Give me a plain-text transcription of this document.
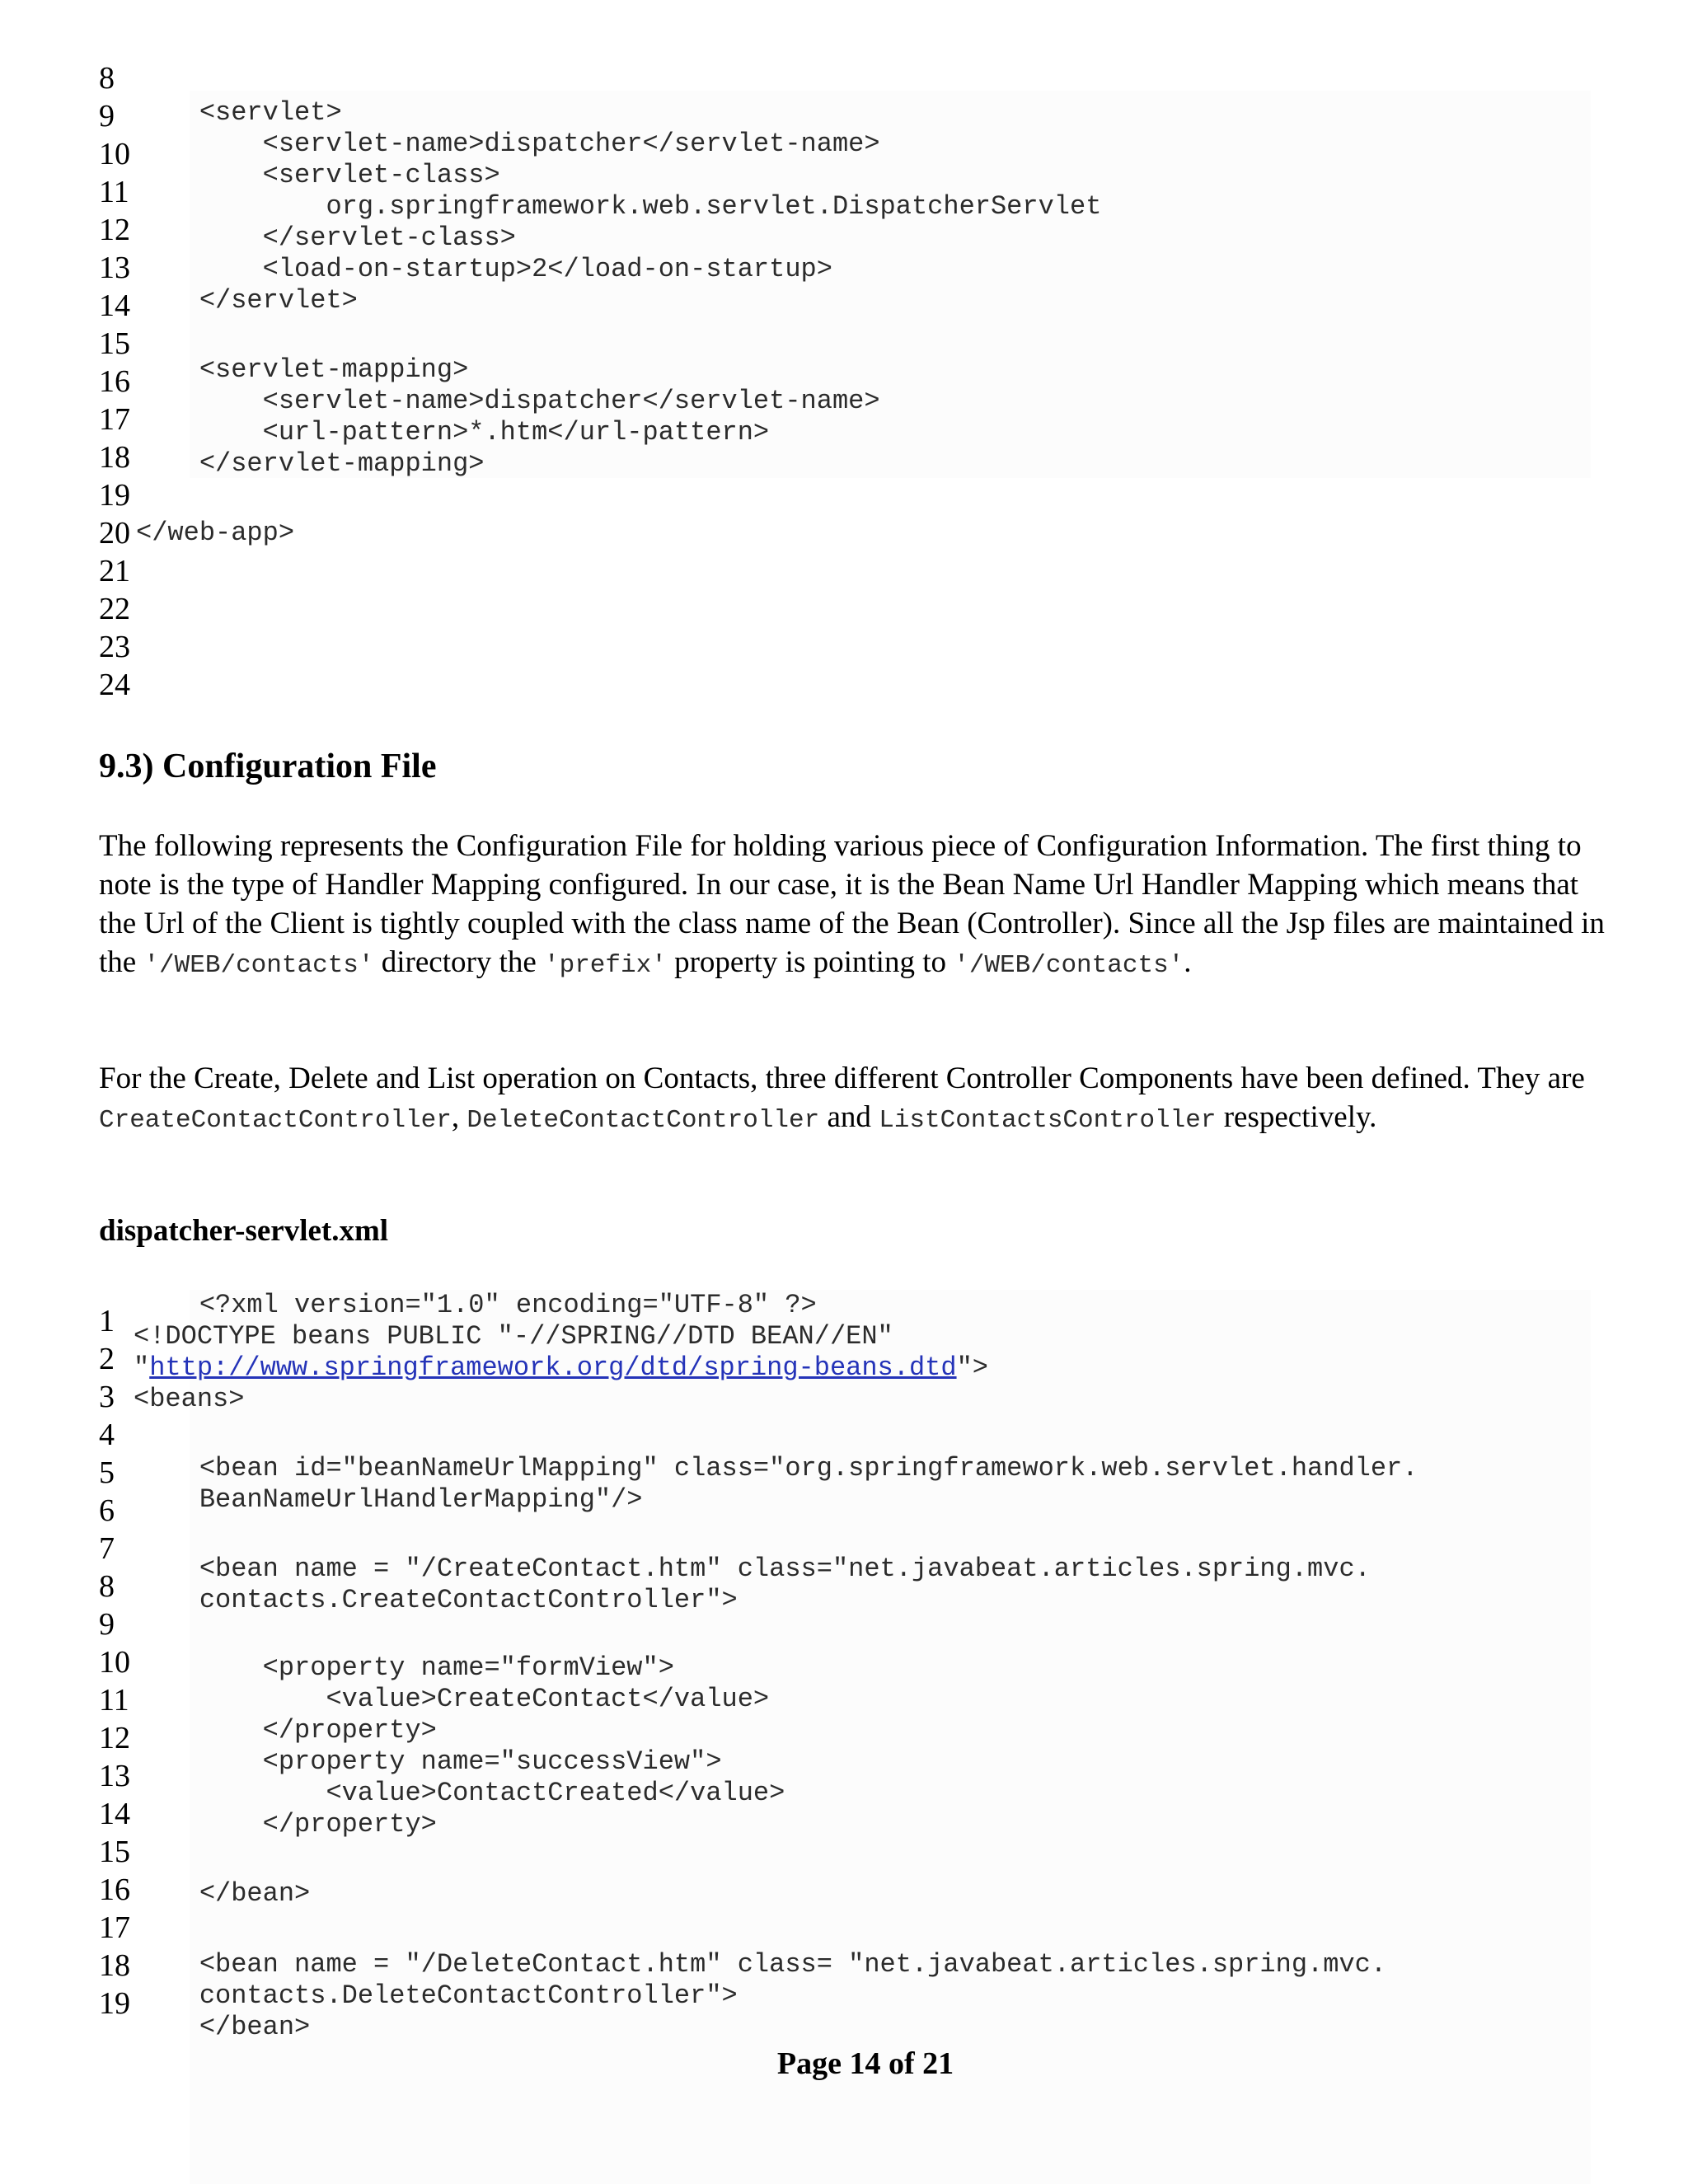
8
9
10
11
12
13
14
15
16
17
18
19
20
21
22
23
24
<servlet>
<servlet-name>dispatcher</servlet-name>
<servlet-class>
org.springframework.web.servlet.DispatcherServlet
</servlet-class>
<load-on-startup>2</load-on-startup>
</servlet>
<servlet-mapping>
<servlet-name>dispatcher</servlet-name>
<url-pattern>*.htm</url-pattern>
</servlet-mapping>
</web-app>
9.3) Configuration File
The following represents the Configuration File for holding various piece of Configuration Information. The first thing to note is the type of Handler Mapping configured. In our case, it is the Bean Name Url Handler Mapping which means that the Url of the Client is tightly coupled with the class name of the Bean (Controller). Since all the Jsp files are maintained in the '/WEB/contacts' directory the 'prefix' property is pointing to '/WEB/contacts'.
For the Create, Delete and List operation on Contacts, three different Controller Components have been defined. They are CreateContactController, DeleteContactController and ListContactsController respectively.
dispatcher-servlet.xml
1
2
3
4
5
6
7
8
9
10
11
12
13
14
15
16
17
18
19
<?xml version="1.0" encoding="UTF-8" ?>
<!DOCTYPE beans PUBLIC "-//SPRING//DTD BEAN//EN"
"http://www.springframework.org/dtd/spring-beans.dtd">
<beans>
<bean id="beanNameUrlMapping" class="org.springframework.web.servlet.handler.
BeanNameUrlHandlerMapping"/>
<bean name = "/CreateContact.htm" class="net.javabeat.articles.spring.mvc.
contacts.CreateContactController">
<property name="formView">
<value>CreateContact</value>
</property>
<property name="successView">
<value>ContactCreated</value>
</property>
</bean>
<bean name = "/DeleteContact.htm" class= "net.javabeat.articles.spring.mvc.
contacts.DeleteContactController">
</bean>
Page 14 of 21
